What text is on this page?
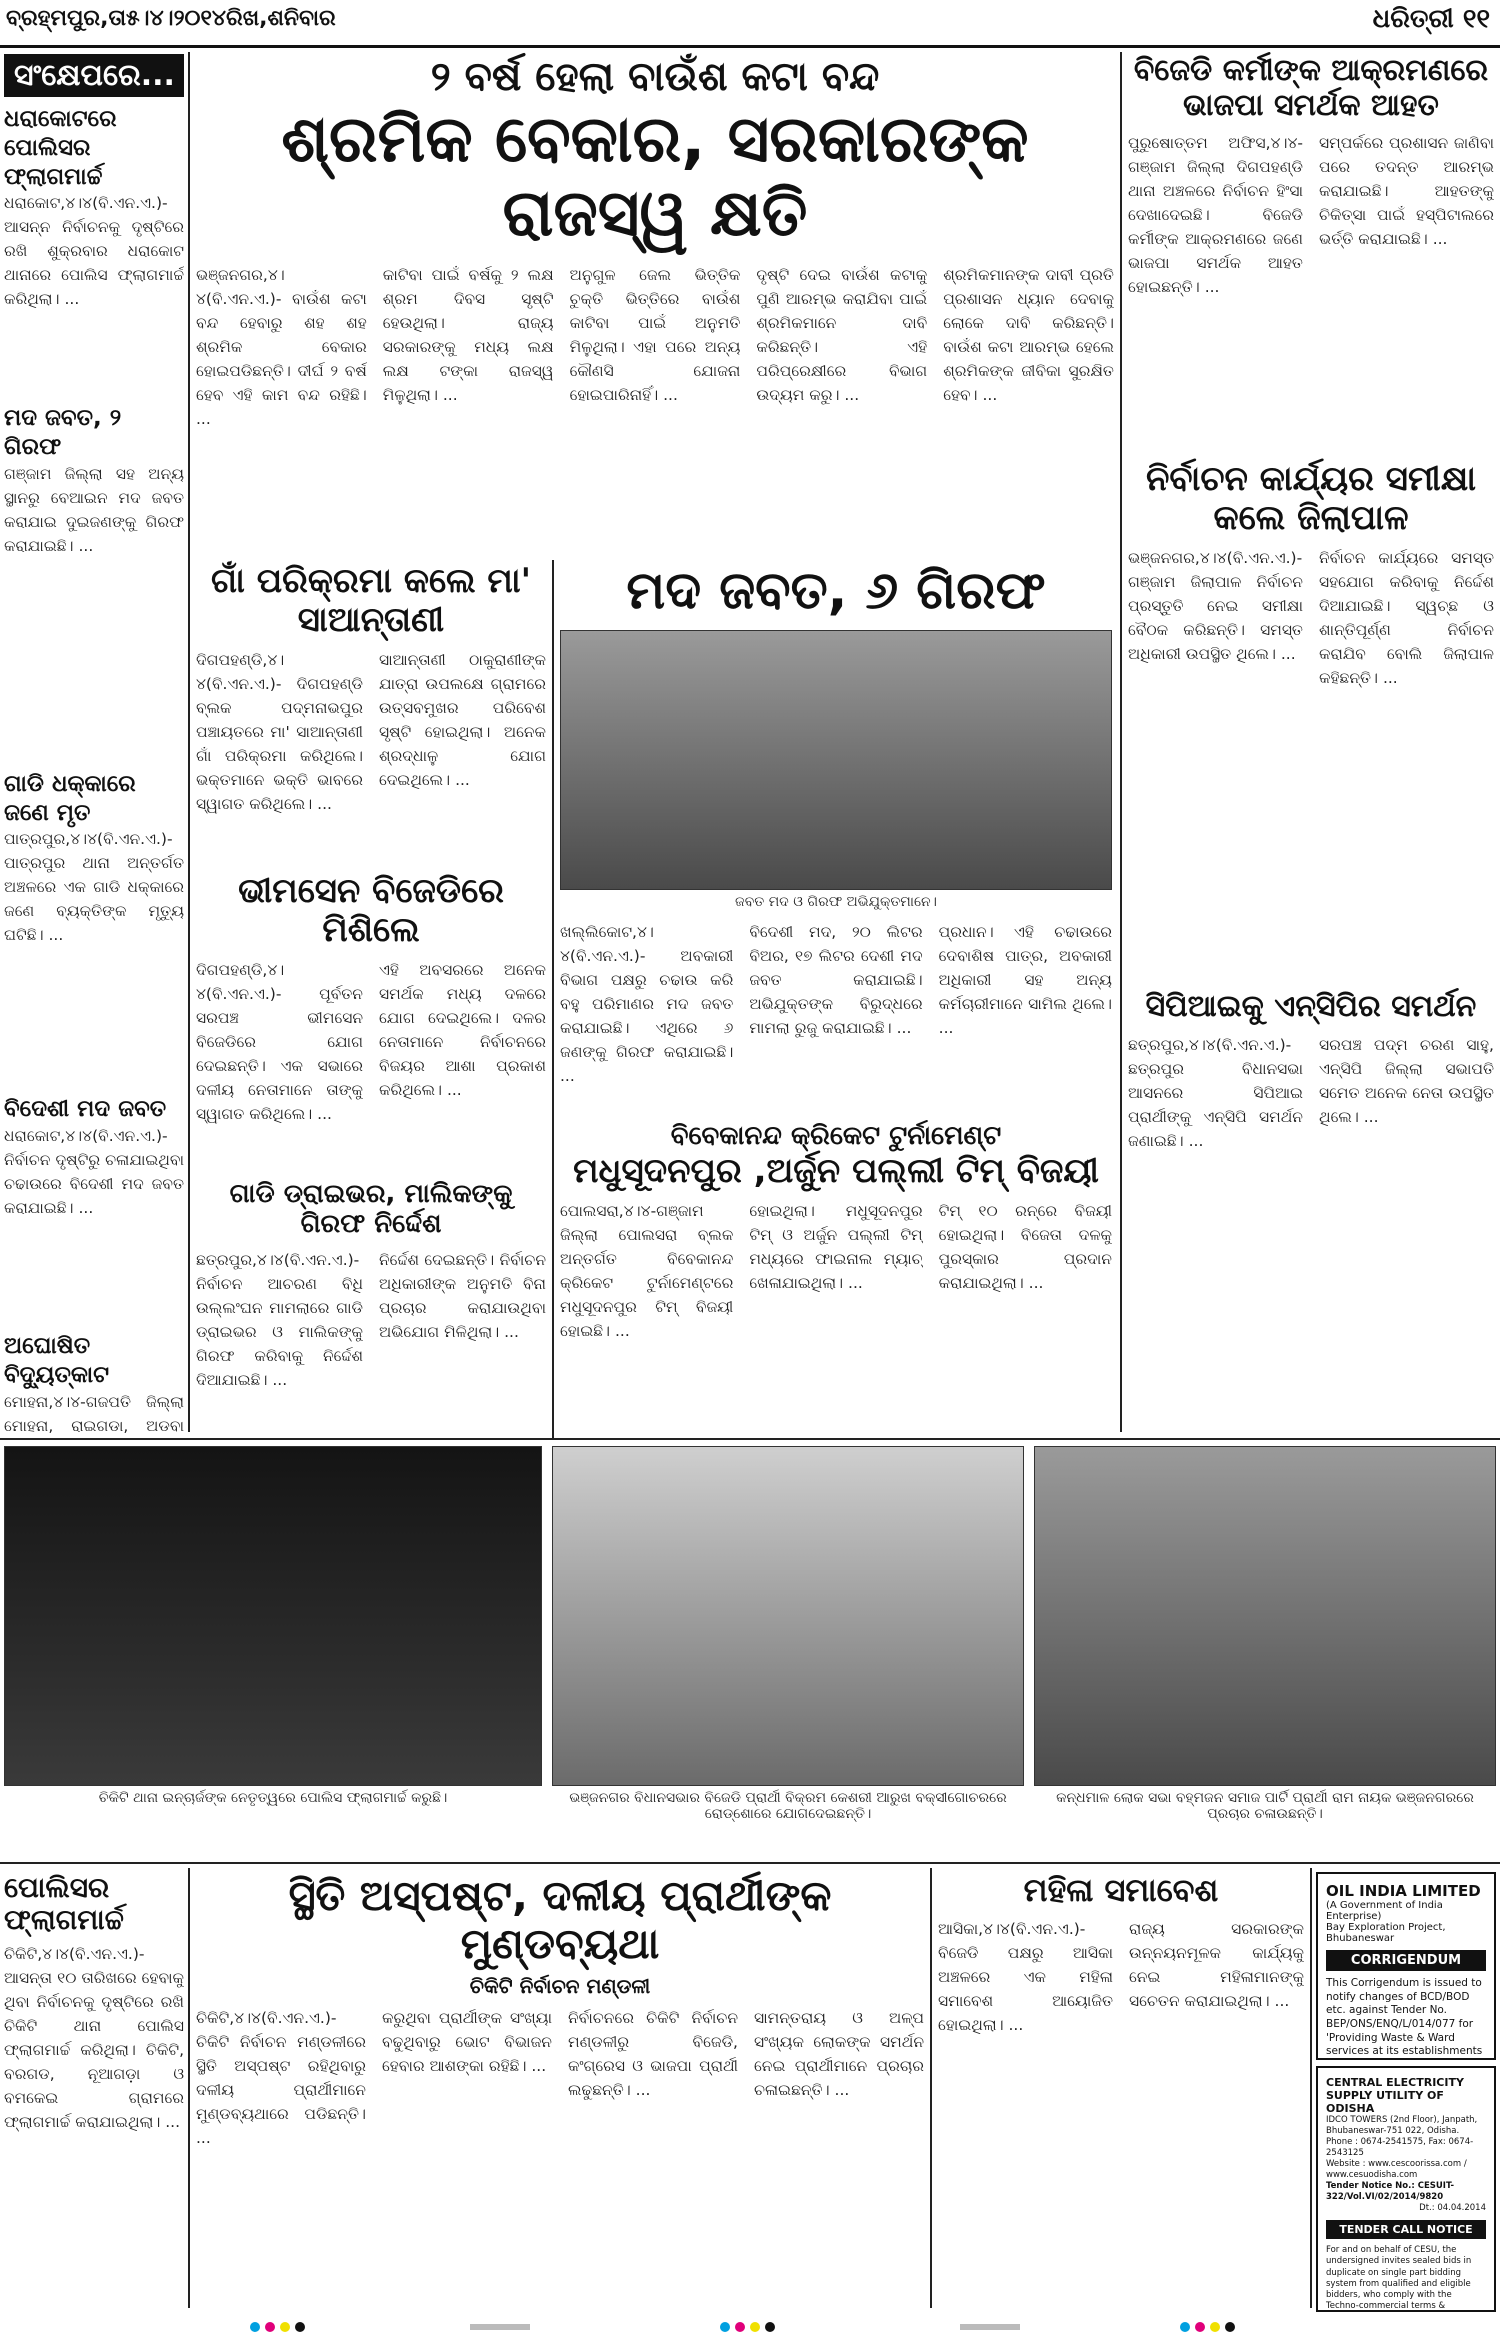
ବ୍ରହ୍ମପୁର,ତା୫।୪।୨୦୧୪ରିଖ,ଶନିବାର	ଧରିତ୍ରୀ ୧୧
ସଂକ୍ଷେପରେ...
ଧରାକୋଟରେ ପୋଲିସର ଫ୍ଲାଗମାର୍ଚ୍ଚ
ଧରାକୋଟ,୪।୪(ବି.ଏନ.ଏ.)- ଆସନ୍ନ ନିର୍ବାଚନକୁ ଦୃଷ୍ଟିରେ ରଖି ଶୁକ୍ରବାର ଧରାକୋଟ ଥାନାରେ ପୋଲିସ ଫ୍ଲାଗମାର୍ଚ୍ଚ କରିଥିଲା। ...
ମଦ ଜବତ, ୨ ଗିରଫ
ଗଞ୍ଜାମ ଜିଲ୍ଲା ସହ ଅନ୍ୟ ସ୍ଥାନରୁ ବେଆଇନ ମଦ ଜବତ କରାଯାଇ ଦୁଇଜଣଙ୍କୁ ଗିରଫ କରାଯାଇଛି। ...
ଗାଡି ଧକ୍କାରେ ଜଣେ ମୃତ
ପାତ୍ରପୁର,୪।୪(ବି.ଏନ.ଏ.)- ପାତ୍ରପୁର ଥାନା ଅନ୍ତର୍ଗତ ଅଞ୍ଚଳରେ ଏକ ଗାଡି ଧକ୍କାରେ ଜଣେ ବ୍ୟକ୍ତିଙ୍କ ମୃତ୍ୟୁ ଘଟିଛି। ...
ବିଦେଶୀ ମଦ ଜବତ
ଧରାକୋଟ,୪।୪(ବି.ଏନ.ଏ.)- ନିର୍ବାଚନ ଦୃଷ୍ଟିରୁ ଚଳାଯାଇଥିବା ଚଢାଉରେ ବିଦେଶୀ ମଦ ଜବତ କରାଯାଇଛି। ...
ଅଘୋଷିତ ବିଦ୍ୟୁତ୍‌କାଟ
ମୋହନା,୪।୪-ଗଜପତି ଜିଲ୍ଲା ମୋହନା, ରାଇଗଡା, ଅଡବା
୨ ବର୍ଷ ହେଲା ବାଉଁଶ କଟା ବନ୍ଦ
ଶ୍ରମିକ ବେକାର, ସରକାରଙ୍କ ରାଜସ୍ୱ କ୍ଷତି
ଭଞ୍ଜନଗର,୪।୪(ବି.ଏନ.ଏ.)- ବାଉଁଶ କଟା ବନ୍ଦ ହେବାରୁ ଶହ ଶହ ଶ୍ରମିକ ବେକାର ହୋଇପଡିଛନ୍ତି। ଦୀର୍ଘ ୨ ବର୍ଷ ହେବ ଏହି କାମ ବନ୍ଦ ରହିଛି। ...
କାଟିବା ପାଇଁ ବର୍ଷକୁ ୨ ଲକ୍ଷ ଶ୍ରମ ଦିବସ ସୃଷ୍ଟି ହେଉଥିଲା। ରାଜ୍ୟ ସରକାରଙ୍କୁ ମଧ୍ୟ ଲକ୍ଷ ଲକ୍ଷ ଟଙ୍କା ରାଜସ୍ୱ ମିଳୁଥିଲା। ...
ଅନୁଗୁଳ ଜେଲ ଭିତ୍ତିକ ଚୁକ୍ତି ଭିତ୍ତିରେ ବାଉଁଶ କାଟିବା ପାଇଁ ଅନୁମତି ମିଳୁଥିଲା। ଏହା ପରେ ଅନ୍ୟ କୌଣସି ଯୋଜନା ହୋଇପାରିନାହିଁ। ...
ଦୃଷ୍ଟି ଦେଇ ବାଉଁଶ କଟାକୁ ପୁଣି ଆରମ୍ଭ କରାଯିବା ପାଇଁ ଶ୍ରମିକମାନେ ଦାବି କରିଛନ୍ତି। ଏହି ପରିପ୍ରେକ୍ଷୀରେ ବିଭାଗ ଉଦ୍ୟମ କରୁ। ...
ଶ୍ରମିକମାନଙ୍କ ଦାବୀ ପ୍ରତି ପ୍ରଶାସନ ଧ୍ୟାନ ଦେବାକୁ ଲୋକେ ଦାବି କରିଛନ୍ତି। ବାଉଁଶ କଟା ଆରମ୍ଭ ହେଲେ ଶ୍ରମିକଙ୍କ ଜୀବିକା ସୁରକ୍ଷିତ ହେବ। ...
ଗାଁ ପରିକ୍ରମା କଲେ ମା' ସାଆନ୍ତାଣୀ
ଦିଗପହଣ୍ଡି,୪।୪(ବି.ଏନ.ଏ.)- ଦିଗପହଣ୍ଡି ବ୍ଲକ ପଦ୍ମନାଭପୁର ପଞ୍ଚାୟତରେ ମା' ସାଆନ୍ତାଣୀ ଗାଁ ପରିକ୍ରମା କରିଥିଲେ। ଭକ୍ତମାନେ ଭକ୍ତି ଭାବରେ ସ୍ୱାଗତ କରିଥିଲେ। ...
ସାଆନ୍ତାଣୀ ଠାକୁରାଣୀଙ୍କ ଯାତ୍ରା ଉପଲକ୍ଷେ ଗ୍ରାମରେ ଉତ୍ସବମୁଖର ପରିବେଶ ସୃଷ୍ଟି ହୋଇଥିଲା। ଅନେକ ଶ୍ରଦ୍ଧାଳୁ ଯୋଗ ଦେଇଥିଲେ। ...
ଭୀମସେନ ବିଜେଡିରେ ମିଶିଲେ
ଦିଗପହଣ୍ଡି,୪।୪(ବି.ଏନ.ଏ.)- ପୂର୍ବତନ ସରପଞ୍ଚ ଭୀମସେନ ବିଜେଡିରେ ଯୋଗ ଦେଇଛନ୍ତି। ଏକ ସଭାରେ ଦଳୀୟ ନେତାମାନେ ତାଙ୍କୁ ସ୍ୱାଗତ କରିଥିଲେ। ...
ଏହି ଅବସରରେ ଅନେକ ସମର୍ଥକ ମଧ୍ୟ ଦଳରେ ଯୋଗ ଦେଇଥିଲେ। ଦଳର ନେତାମାନେ ନିର୍ବାଚନରେ ବିଜୟର ଆଶା ପ୍ରକାଶ କରିଥିଲେ। ...
ଗାଡି ଡ୍ରାଇଭର, ମାଲିକଙ୍କୁ ଗିରଫ ନିର୍ଦ୍ଦେଶ
ଛତ୍ରପୁର,୪।୪(ବି.ଏନ.ଏ.)- ନିର୍ବାଚନ ଆଚରଣ ବିଧି ଉଲ୍ଲଂଘନ ମାମଲାରେ ଗାଡି ଡ୍ରାଇଭର ଓ ମାଲିକଙ୍କୁ ଗିରଫ କରିବାକୁ ନିର୍ଦ୍ଦେଶ ଦିଆଯାଇଛି। ...
ନିର୍ଦ୍ଦେଶ ଦେଇଛନ୍ତି। ନିର୍ବାଚନ ଅଧିକାରୀଙ୍କ ଅନୁମତି ବିନା ପ୍ରଚାର କରାଯାଉଥିବା ଅଭିଯୋଗ ମିଳିଥିଲା। ...
ମଦ ଜବତ, ୬ ଗିରଫ
ଜବତ ମଦ ଓ ଗିରଫ ଅଭିଯୁକ୍ତମାନେ।
ଖଲ୍ଲିକୋଟ,୪।୪(ବି.ଏନ.ଏ.)- ଅବକାରୀ ବିଭାଗ ପକ୍ଷରୁ ଚଢାଉ କରି ବହୁ ପରିମାଣର ମଦ ଜବତ କରାଯାଇଛି। ଏଥିରେ ୬ ଜଣଙ୍କୁ ଗିରଫ କରାଯାଇଛି। ...
ବିଦେଶୀ ମଦ, ୨୦ ଲିଟର ବିଅର, ୧୭ ଲିଟର ଦେଶୀ ମଦ ଜବତ କରାଯାଇଛି। ଅଭିଯୁକ୍ତଙ୍କ ବିରୁଦ୍ଧରେ ମାମଲା ରୁଜୁ କରାଯାଇଛି। ...
ପ୍ରଧାନ। ଏହି ଚଢାଉରେ ଦେବାଶିଷ ପାତ୍ର, ଅବକାରୀ ଅଧିକାରୀ ସହ ଅନ୍ୟ କର୍ମଚାରୀମାନେ ସାମିଲ ଥିଲେ। ...
ବିବେକାନନ୍ଦ କ୍ରିକେଟ ଟୁର୍ନାମେଣ୍ଟ
ମଧୁସୂଦନପୁର ,ଅର୍ଜୁନ ପଲ୍ଲୀ ଟିମ୍ ବିଜୟୀ
ପୋଲସରା,୪।୪-ଗଞ୍ଜାମ ଜିଲ୍ଲା ପୋଲସରା ବ୍ଲକ ଅନ୍ତର୍ଗତ ବିବେକାନନ୍ଦ କ୍ରିକେଟ ଟୁର୍ନାମେଣ୍ଟରେ ମଧୁସୂଦନପୁର ଟିମ୍ ବିଜୟୀ ହୋଇଛି। ...
ହୋଇଥିଲା। ମଧୁସୂଦନପୁର ଟିମ୍ ଓ ଅର୍ଜୁନ ପଲ୍ଲୀ ଟିମ୍ ମଧ୍ୟରେ ଫାଇନାଲ ମ୍ୟାଚ୍ ଖେଳାଯାଇଥିଲା। ...
ଟିମ୍ ୧୦ ରନ୍‌ରେ ବିଜୟୀ ହୋଇଥିଲା। ବିଜେତା ଦଳକୁ ପୁରସ୍କାର ପ୍ରଦାନ କରାଯାଇଥିଲା। ...
ବିଜେଡି କର୍ମୀଙ୍କ ଆକ୍ରମଣରେ ଭାଜପା ସମର୍ଥକ ଆହତ
ପୁରୁଷୋତ୍ତମ ଅଫିସ,୪।୪- ଗଞ୍ଜାମ ଜିଲ୍ଲା ଦିଗପହଣ୍ଡି ଥାନା ଅଞ୍ଚଳରେ ନିର୍ବାଚନ ହିଂସା ଦେଖାଦେଇଛି। ବିଜେଡି କର୍ମୀଙ୍କ ଆକ୍ରମଣରେ ଜଣେ ଭାଜପା ସମର୍ଥକ ଆହତ ହୋଇଛନ୍ତି। ...
ସମ୍ପର୍କରେ ପ୍ରଶାସନ ଜାଣିବା ପରେ ତଦନ୍ତ ଆରମ୍ଭ କରାଯାଇଛି। ଆହତଙ୍କୁ ଚିକିତ୍ସା ପାଇଁ ହସ୍ପିଟାଲରେ ଭର୍ତ୍ତି କରାଯାଇଛି। ...
ନିର୍ବାଚନ କାର୍ଯ୍ୟର ସମୀକ୍ଷା କଲେ ଜିଲାପାଳ
ଭଞ୍ଜନଗର,୪।୪(ବି.ଏନ.ଏ.)- ଗଞ୍ଜାମ ଜିଲାପାଳ ନିର୍ବାଚନ ପ୍ରସ୍ତୁତି ନେଇ ସମୀକ୍ଷା ବୈଠକ କରିଛନ୍ତି। ସମସ୍ତ ଅଧିକାରୀ ଉପସ୍ଥିତ ଥିଲେ। ...
ନିର୍ବାଚନ କାର୍ଯ୍ୟରେ ସମସ୍ତ ସହଯୋଗ କରିବାକୁ ନିର୍ଦ୍ଦେଶ ଦିଆଯାଇଛି। ସ୍ୱଚ୍ଛ ଓ ଶାନ୍ତିପୂର୍ଣ୍ଣ ନିର୍ବାଚନ କରାଯିବ ବୋଲି ଜିଲାପାଳ କହିଛନ୍ତି। ...
ସିପିଆଇକୁ ଏନ୍‌ସିପିର ସମର୍ଥନ
ଛତ୍ରପୁର,୪।୪(ବି.ଏନ.ଏ.)- ଛତ୍ରପୁର ବିଧାନସଭା ଆସନରେ ସିପିଆଇ ପ୍ରାର୍ଥୀଙ୍କୁ ଏନ୍‌ସିପି ସମର୍ଥନ ଜଣାଇଛି। ...
ସରପଞ୍ଚ ପଦ୍ମ ଚରଣ ସାହୁ, ଏନ୍‌ସିପି ଜିଲ୍ଲା ସଭାପତି ସମେତ ଅନେକ ନେତା ଉପସ୍ଥିତ ଥିଲେ। ...
ଚିକିଟି ଥାନା ଇନ୍‌ଚାର୍ଜଙ୍କ ନେତୃତ୍ୱରେ ପୋଲିସ ଫ୍ଲାଗମାର୍ଚ୍ଚ କରୁଛି।	ଭଞ୍ଜନଗର ବିଧାନସଭାର ବିଜେଡି ପ୍ରାର୍ଥୀ ବିକ୍ରମ କେଶରୀ ଆରୁଖ ବକ୍ସୀଗୋଚରରେ ରୋଡ୍‌ଶୋରେ ଯୋଗଦେଇଛନ୍ତି।
କନ୍ଧମାଳ ଲୋକ ସଭା ବହ୍ମଜନ ସମାଜ ପାର୍ଟି ପ୍ରାର୍ଥୀ ରାମ ନାୟକ ଭଞ୍ଜନଗରରେ ପ୍ରଚାର ଚଳାଉଛନ୍ତି।
ପୋଲିସର ଫ୍ଲାଗମାର୍ଚ୍ଚ
ଚିକିଟି,୪।୪(ବି.ଏନ.ଏ.)- ଆସନ୍ତା ୧୦ ତାରିଖରେ ହେବାକୁ ଥିବା ନିର୍ବାଚନକୁ ଦୃଷ୍ଟିରେ ରଖି ଚିକିଟି ଥାନା ପୋଲିସ ଫ୍ଲାଗମାର୍ଚ୍ଚ କରିଥିଲା। ଚିକିଟି, ବରଗଡ, ନୂଆଗଡ଼ା ଓ ବମକେଇ ଗ୍ରାମରେ ଫ୍ଲାଗମାର୍ଚ୍ଚ କରାଯାଇଥିଲା। ...
ସ୍ଥିତି ଅସ୍ପଷ୍ଟ, ଦଳୀୟ ପ୍ରାର୍ଥୀଙ୍କ ମୁଣ୍ଡବ୍ୟଥା
ଚିକିଟି ନିର୍ବାଚନ ମଣ୍ଡଳୀ
ଚିକିଟି,୪।୪(ବି.ଏନ.ଏ.)- ଚିକିଟି ନିର୍ବାଚନ ମଣ୍ଡଳୀରେ ସ୍ଥିତି ଅସ୍ପଷ୍ଟ ରହିଥିବାରୁ ଦଳୀୟ ପ୍ରାର୍ଥୀମାନେ ମୁଣ୍ଡବ୍ୟଥାରେ ପଡିଛନ୍ତି। ...
କରୁଥିବା ପ୍ରାର୍ଥୀଙ୍କ ସଂଖ୍ୟା ବଢୁଥିବାରୁ ଭୋଟ ବିଭାଜନ ହେବାର ଆଶଙ୍କା ରହିଛି। ...
ନିର୍ବାଚନରେ ଚିକିଟି ନିର୍ବାଚନ ମଣ୍ଡଳୀରୁ ବିଜେଡି, କଂଗ୍ରେସ ଓ ଭାଜପା ପ୍ରାର୍ଥୀ ଲଢୁଛନ୍ତି। ...
ସାମନ୍ତରାୟ ଓ ଅଳ୍ପ ସଂଖ୍ୟକ ଲୋକଙ୍କ ସମର୍ଥନ ନେଇ ପ୍ରାର୍ଥୀମାନେ ପ୍ରଚାର ଚଳାଇଛନ୍ତି। ...
ମହିଳା ସମାବେଶ
ଆସିକା,୪।୪(ବି.ଏନ.ଏ.)- ବିଜେଡି ପକ୍ଷରୁ ଆସିକା ଅଞ୍ଚଳରେ ଏକ ମହିଳା ସମାବେଶ ଆୟୋଜିତ ହୋଇଥିଲା। ...
ରାଜ୍ୟ ସରକାରଙ୍କ ଉନ୍ନୟନମୂଳକ କାର୍ଯ୍ୟକୁ ନେଇ ମହିଳାମାନଙ୍କୁ ସଚେତନ କରାଯାଇଥିଲା। ...
OIL INDIA LIMITED
(A Government of India Enterprise)
Bay Exploration Project, Bhubaneswar
CORRIGENDUM
This Corrigendum is issued to notify changes of BCD/BOD etc. against Tender No. BEP/ONS/ENQ/L/014/077 for 'Providing Waste & Ward services at its establishments
CENTRAL ELECTRICITY SUPPLY UTILITY OF ODISHA
IDCO TOWERS (2nd Floor), Janpath, Bhubaneswar-751 022, Odisha.
Phone : 0674-2541575, Fax: 0674-2543125
Website : www.cescoorissa.com / www.cesuodisha.com
Tender Notice No.: CESUIT-322/Vol.VI/02/2014/9820
Dt.: 04.04.2014
TENDER CALL NOTICE
For and on behalf of CESU, the undersigned invites sealed bids in duplicate on single part bidding system from qualified and eligible bidders, who comply with the Techno-commercial terms &
